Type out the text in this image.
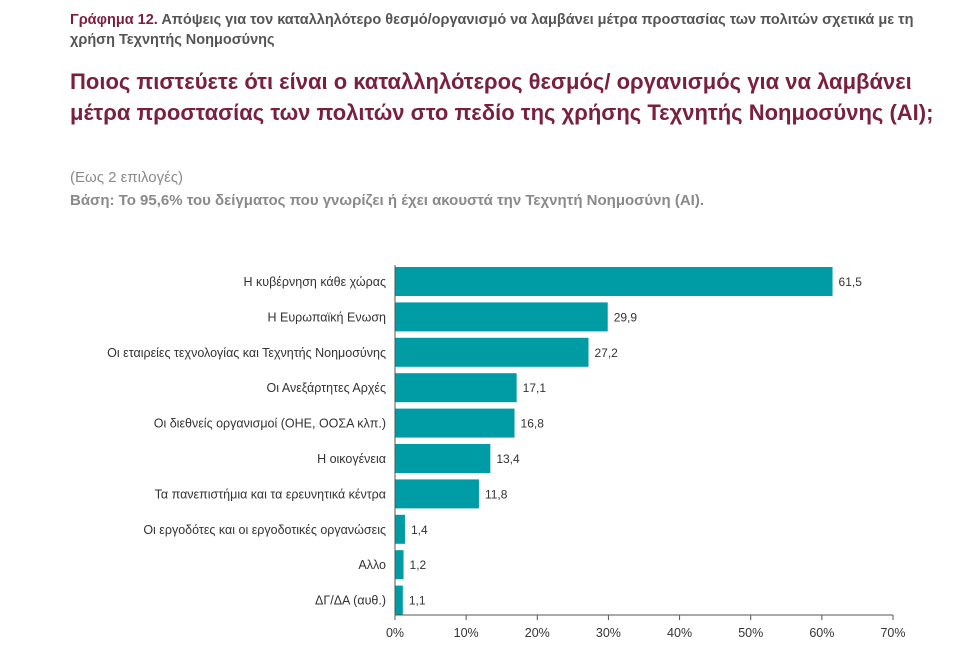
Γράφημα 12. Απόψεις για τον καταλληλότερο θεσμό/οργανισμό να λαμβάνει μέτρα προστασίας των πολιτών σχετικά με τη χρήση Τεχνητής Νοημοσύνης
Ποιος πιστεύετε ότι είναι ο καταλληλότερος θεσμός/ οργανισμός για να λαμβάνει μέτρα προστασίας των πολιτών στο πεδίο της χρήσης Τεχνητής Νοημοσύνης (AI);
(Εως 2 επιλογές)
Βάση: Το 95,6% του δείγματος που γνωρίζει ή έχει ακουστά την Τεχνητή Νοημοσύνη (AI).
Η κυβέρνηση κάθε χώρας	61,5
Η Ευρωπαϊκή Ενωση	29,9
Οι εταιρείες τεχνολογίας και Τεχνητής Νοημοσύνης	27,2
Οι Ανεξάρτητες Αρχές	17,1
Οι διεθνείς οργανισμοί (ΟΗΕ, ΟΟΣΑ κλπ.)	16,8
Η οικογένεια	13,4
Τα πανεπιστήμια και τα ερευνητικά κέντρα	11,8
Οι εργοδότες και οι εργοδοτικές οργανώσεις 1,4
Αλλο 1,2
ΔΓ/ΔΑ (αυθ.) 1,1
0%	10%	20%	30%	40%	50%	60%	70%
